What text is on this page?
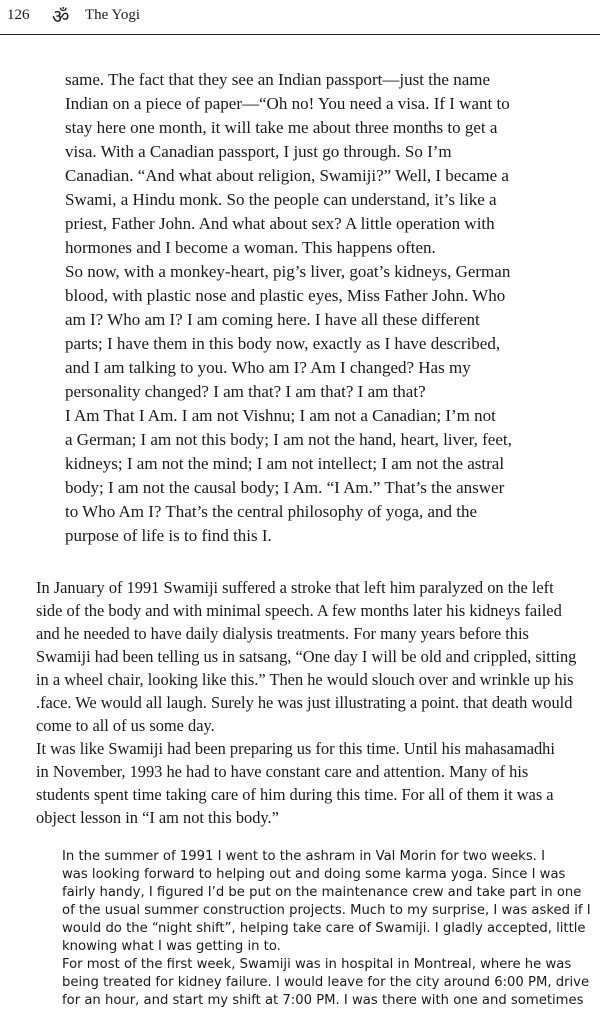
126 ॐ The Yogi

same. The fact that they see an Indian passport—just the name

Indian on a piece of paper—“Oh no! You need a visa. If I want to

stay here one month, it will take me about three months to get a

visa. With a Canadian passport, I just go through. So I’m

Canadian. “And what about religion, Swamiji?” Well, I became a

Swami, a Hindu monk. So the people can understand, it’s like a

priest, Father John. And what about sex? A little operation with

hormones and I become a woman. This happens often.

So now, with a monkey-heart, pig’s liver, goat’s kidneys, German

blood, with plastic nose and plastic eyes, Miss Father John. Who

am I? Who am I? I am coming here. I have all these different

parts; I have them in this body now, exactly as I have described,

and I am talking to you. Who am I? Am I changed? Has my

personality changed? I am that? I am that? I am that?

I Am That I Am. I am not Vishnu; I am not a Canadian; I’m not

a German; I am not this body; I am not the hand, heart, liver, feet,

kidneys; I am not the mind; I am not intellect; I am not the astral

body; I am not the causal body; I Am. “I Am.” That’s the answer

to Who Am I? That’s the central philosophy of yoga, and the

purpose of life is to find this I.

In January of 1991 Swamiji suffered a stroke that left him paralyzed on the left

side of the body and with minimal speech. A few months later his kidneys failed

and he needed to have daily dialysis treatments. For many years before this

Swamiji had been telling us in satsang, “One day I will be old and crippled, sitting

in a wheel chair, looking like this.” Then he would slouch over and wrinkle up his

.face. We would all laugh. Surely he was just illustrating a point. that death would

come to all of us some day.

It was like Swamiji had been preparing us for this time. Until his mahasamadhi

in November, 1993 he had to have constant care and attention. Many of his

students spent time taking care of him during this time. For all of them it was a

object lesson in “I am not this body.”

In the summer of 1991 I went to the ashram in Val Morin for two weeks. I

was looking forward to helping out and doing some karma yoga. Since I was

fairly handy, I figured I’d be put on the maintenance crew and take part in one

of the usual summer construction projects. Much to my surprise, I was asked if I

would do the “night shift”, helping take care of Swamiji. I gladly accepted, little

knowing what I was getting in to.

For most of the first week, Swamiji was in hospital in Montreal, where he was

being treated for kidney failure. I would leave for the city around 6:00 PM, drive

for an hour, and start my shift at 7:00 PM. I was there with one and sometimes
